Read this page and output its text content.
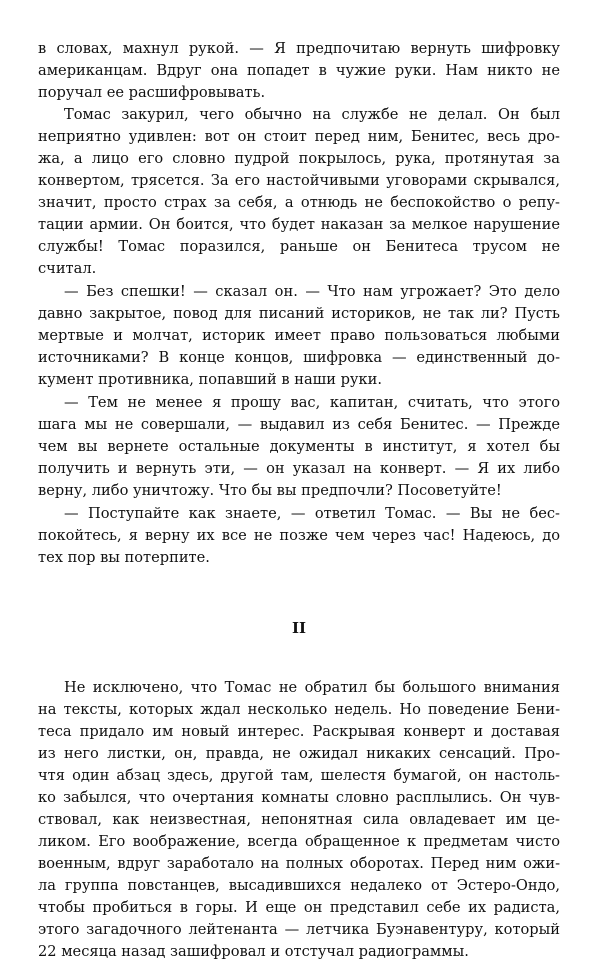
в словах, махнул рукой. — Я предпочитаю вернуть шифровку
американцам. Вдруг она попадет в чужие руки. Нам никто не
поручал ее расшифровывать.
Томас закурил, чего обычно на службе не делал. Он был
неприятно удивлен: вот он стоит перед ним, Бенитес, весь дро-
жа, а лицо его словно пудрой покрылось, рука, протянутая за
конвертом, трясется. За его настойчивыми уговорами скрывался,
значит, просто страх за себя, а отнюдь не беспокойство о репу-
тации армии. Он боится, что будет наказан за мелкое нарушение
службы! Томас поразился, раньше он Бенитеса трусом не
считал.
— Без спешки! — сказал он. — Что нам угрожает? Это дело
давно закрытое, повод для писаний историков, не так ли? Пусть
мертвые и молчат, историк имеет право пользоваться любыми
источниками? В конце концов, шифровка — единственный до-
кумент противника, попавший в наши руки.
— Тем не менее я прошу вас, капитан, считать, что этого
шага мы не совершали, — выдавил из себя Бенитес. — Прежде
чем вы вернете остальные документы в институт, я хотел бы
получить и вернуть эти, — он указал на конверт. — Я их либо
верну, либо уничтожу. Что бы вы предпочли? Посоветуйте!
— Поступайте как знаете, — ответил Томас. — Вы не бес-
покойтесь, я верну их все не позже чем через час! Надеюсь, до
тех пор вы потерпите.
II
Не исключено, что Томас не обратил бы большого внимания
на тексты, которых ждал несколько недель. Но поведение Бени-
теса придало им новый интерес. Раскрывая конверт и доставая
из него листки, он, правда, не ожидал никаких сенсаций. Про-
чтя один абзац здесь, другой там, шелестя бумагой, он настоль-
ко забылся, что очертания комнаты словно расплылись. Он чув-
ствовал, как неизвестная, непонятная сила овладевает им це-
ликом. Его воображение, всегда обращенное к предметам чисто
военным, вдруг заработало на полных оборотах. Перед ним ожи-
ла группа повстанцев, высадившихся недалеко от Эстеро-Ондо,
чтобы пробиться в горы. И еще он представил себе их радиста,
этого загадочного лейтенанта — летчика Буэнавентуру, который
22 месяца назад зашифровал и отстучал радиограммы.
